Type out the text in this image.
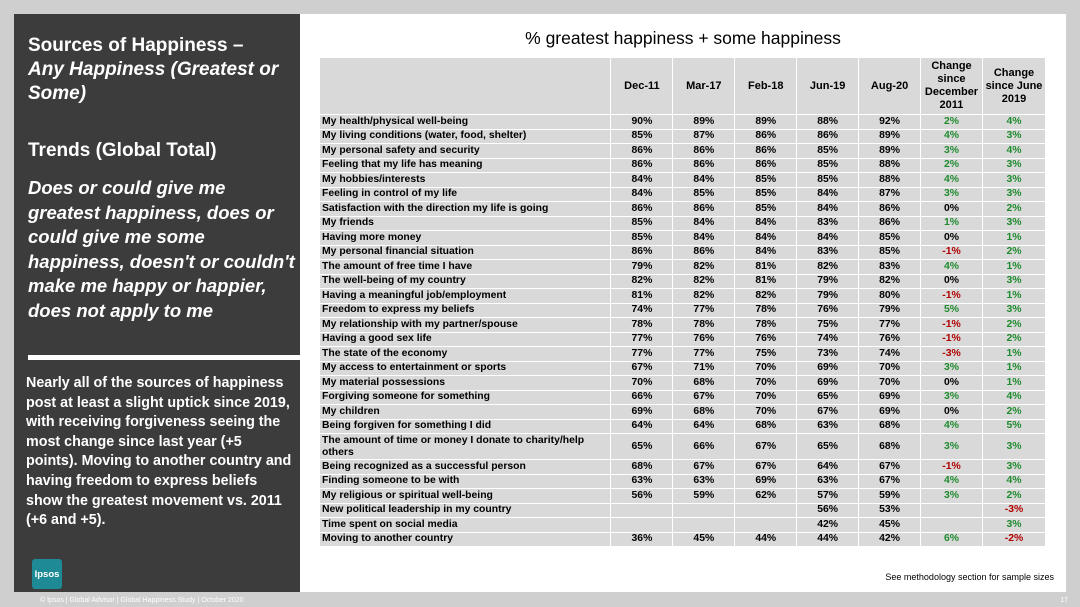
Sources of Happiness –
Any Happiness (Greatest or Some)
Trends (Global Total)
Does or could give me greatest happiness, does or could give me some happiness, doesn't or couldn't make me happy or happier, does not apply to me
Nearly all of the sources of happiness post at least a slight uptick since 2019, with receiving forgiveness seeing the most change since last year (+5 points). Moving to another country and having freedom to express beliefs show the greatest movement vs. 2011 (+6 and +5).
Ipsos
% greatest happiness + some happiness
	Dec-11	Mar-17	Feb-18	Jun-19	Aug-20	Change since December 2011	Change since June 2019
My health/physical well-being	90%	89%	89%	88%	92%	2%	4%
My living conditions (water, food, shelter)	85%	87%	86%	86%	89%	4%	3%
My personal safety and security	86%	86%	86%	85%	89%	3%	4%
Feeling that my life has meaning	86%	86%	86%	85%	88%	2%	3%
My hobbies/interests	84%	84%	85%	85%	88%	4%	3%
Feeling in control of my life	84%	85%	85%	84%	87%	3%	3%
Satisfaction with the direction my life is going	86%	86%	85%	84%	86%	0%	2%
My friends	85%	84%	84%	83%	86%	1%	3%
Having more money	85%	84%	84%	84%	85%	0%	1%
My personal financial situation	86%	86%	84%	83%	85%	-1%	2%
The amount of free time I have	79%	82%	81%	82%	83%	4%	1%
The well-being of my country	82%	82%	81%	79%	82%	0%	3%
Having a meaningful job/employment	81%	82%	82%	79%	80%	-1%	1%
Freedom to express my beliefs	74%	77%	78%	76%	79%	5%	3%
My relationship with my partner/spouse	78%	78%	78%	75%	77%	-1%	2%
Having a good sex life	77%	76%	76%	74%	76%	-1%	2%
The state of the economy	77%	77%	75%	73%	74%	-3%	1%
My access to entertainment or sports	67%	71%	70%	69%	70%	3%	1%
My material possessions	70%	68%	70%	69%	70%	0%	1%
Forgiving someone for something	66%	67%	70%	65%	69%	3%	4%
My children	69%	68%	70%	67%	69%	0%	2%
Being forgiven for something I did	64%	64%	68%	63%	68%	4%	5%
The amount of time or money I donate to charity/help others	65%	66%	67%	65%	68%	3%	3%
Being recognized as a successful person	68%	67%	67%	64%	67%	-1%	3%
Finding someone to be with	63%	63%	69%	63%	67%	4%	4%
My religious or spiritual well-being	56%	59%	62%	57%	59%	3%	2%
New political leadership in my country				56%	53%		-3%
Time spent on social media				42%	45%		3%
Moving to another country	36%	45%	44%	44%	42%	6%	-2%
See methodology section for sample sizes
© Ipsos | Global Advisor | Global Happiness Study | October 2020	17
